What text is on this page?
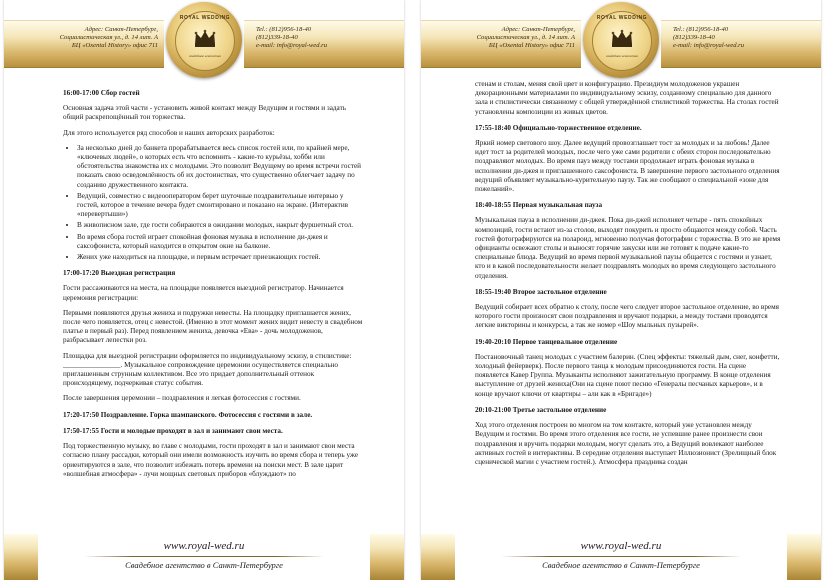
Адрес: Санкт-Петербург,
Социалистическая ул., д. 14 лит. А
БЦ «Oxental History» офис 711
Tel.: (812)956-18-40
(812)339-18-40
e-mail: info@royal-wed.ru
ROYAL WEDDING
свадебное агентство
16:00-17:00 Сбор гостей

Основная задача этой части - установить живой контакт между Ведущим и гостями и задать общий раскрепощённый тон торжества.

Для этого используется ряд способов и наших авторских разработок:

• За несколько дней до банкета прорабатывается весь список гостей или, по крайней мере, «ключевых людей», о которых есть что вспомнить - какие-то курьёзы, хобби или обстоятельства знакомства их с молодыми. Это позволит Ведущему во время встречи гостей показать свою осведомлённость об их достоинствах, что существенно облегчает задачу по созданию дружественного контакта.
• Ведущий, совместно с видеооператором берет шуточные поздравительные интервью у гостей, которое в течение вечера будет смонтировано и показано на экране. (Интерактив «перевертыши»)
• В живописном зале, где гости собираются в ожидании молодых, накрыт фуршетный стол.
• Во время сбора гостей играет спокойная фоновая музыка в исполнение ди-джея и саксофониста, который находится в открытом окне на балконе.
• Жених уже находиться на площадке, и первым встречает приезжающих гостей.
17:00-17:20 Выездная регистрация

Гости рассаживаются на места, на площадке появляется выездной регистратор. Начинается церемония регистрации:

Первыми появляются друзья жениха и подружки невесты. На площадку приглашается жених, после чего появляется, отец с невестой. (Именно в этот момент жених видит невесту в свадебном платье в первый раз). Перед появлением жениха, девочка «Ева» - дочь молодоженов, разбрасывает лепестки роз.

Площадка для выездной регистрации оформляется по индивидуальному эскизу, в стилистике: ________________. Музыкальное сопровождение церемонии осуществляется специально приглашенным струнным коллективом. Все это придает дополнительный оттенок происходящему, подчеркивая статус события.

После завершения церемонии – поздравления и легкая фотосессия с гостями.

17:20-17:50 Поздравление. Горка шампанского. Фотосессия с гостями в зале.
17:50-17:55 Гости и молодые проходят в зал и занимают свои места.

Под торжественную музыку, во главе с молодыми, гости проходят в зал и занимают свои места согласно плану рассадки, который они имели возможность изучить во время сбора и теперь уже ориентируются в зале, что позволит избежать потерь времени на поиски мест. В зале царит «волшебная атмосфера» - лучи мощных световых приборов «блуждают» по

www.royal-wed.ru
Свадебное агентство в Санкт-Петербурге
Адрес: Санкт-Петербург,
Социалистическая ул., д. 14 лит. А
БЦ «Oxental History» офис 711
Tel.: (812)956-18-40
(812)339-18-40
e-mail: info@royal-wed.ru
ROYAL WEDDING
свадебное агентство

стенам и столам, меняя свой цвет и конфигурацию. Президиум молодоженов украшен декорационными материалами по индивидуальному эскизу, созданному специально для данного зала и стилистически связанному с общей утверждённой стилистикой торжества. На столах гостей установлены композиции из живых цветов.

17:55-18:40 Официально-торжественное отделение.

Яркий номер светового шоу. Далее ведущий провозглашает тост за молодых и за любовь! Далее идет тост за родителей молодых, после чего уже сами родители с обеих сторон последовательно поздравляют молодых. Во время пауз между тостами продолжает играть фоновая музыка в исполнении ди-джея и приглашенного саксофониста. В завершение первого застольного отделения ведущий объявляет музыкально-курительную паузу. Так же сообщают о специальной «зоне для пожеланий».

18:40-18:55 Первая музыкальная пауза

Музыкальная пауза в исполнении ди-джея. Пока ди-джей исполняет четыре - пять спокойных композиций, гости встают из-за столов, выходят покурить и просто общаются между собой. Часть гостей фотографируются на полароид, мгновенно получая фотографии с торжества. В это же время официанты освежают столы и выносят горячие закуски или же готовят к подаче какие-то специальные блюда. Ведущий во время первой музыкальной паузы общается с гостями и узнает, кто и в какой последовательности желает поздравлять молодых во время следующего застольного отделения.

18:55-19:40 Второе застольное отделение

Ведущий собирает всех обратно к столу, после чего следует второе застольное отделение, во время которого гости произносят свои поздравления и вручают подарки, а между тостами проводятся легкие викторины и конкурсы, а так же номер «Шоу мыльных пузырей».

19:40-20:10 Первое танцевальное отделение

Постановочный танец молодых с участием балерин. (Спец эффекты: тяжелый дым, снег, конфетти, холодный фейерверк). После первого танца к молодым присоединяются гости. На сцене появляется Кавер Группа. Музыканты исполняют зажигательную программу. В конце отделения выступление от друзей жениха(Они на сцене поют песню «Генералы песчаных карьеров», и в конце вручают ключи от квартиры – али как в «Бригаде»)

20:10-21:00 Третье застольное отделение

Ход этого отделения построен во многом на том контакте, который уже установлен между Ведущим и гостями. Во время этого отделения все гости, не успевшие ранее произнести свои поздравления и вручить подарки молодым, могут сделать это, а Ведущий вовлекают наиболее активных гостей в интерактивы. В середине отделения выступает Иллюзионист (Зрелищный блок сценической магии с участием гостей.). Атмосфера праздника создан

www.royal-wed.ru
Свадебное агентство в Санкт-Петербурге
